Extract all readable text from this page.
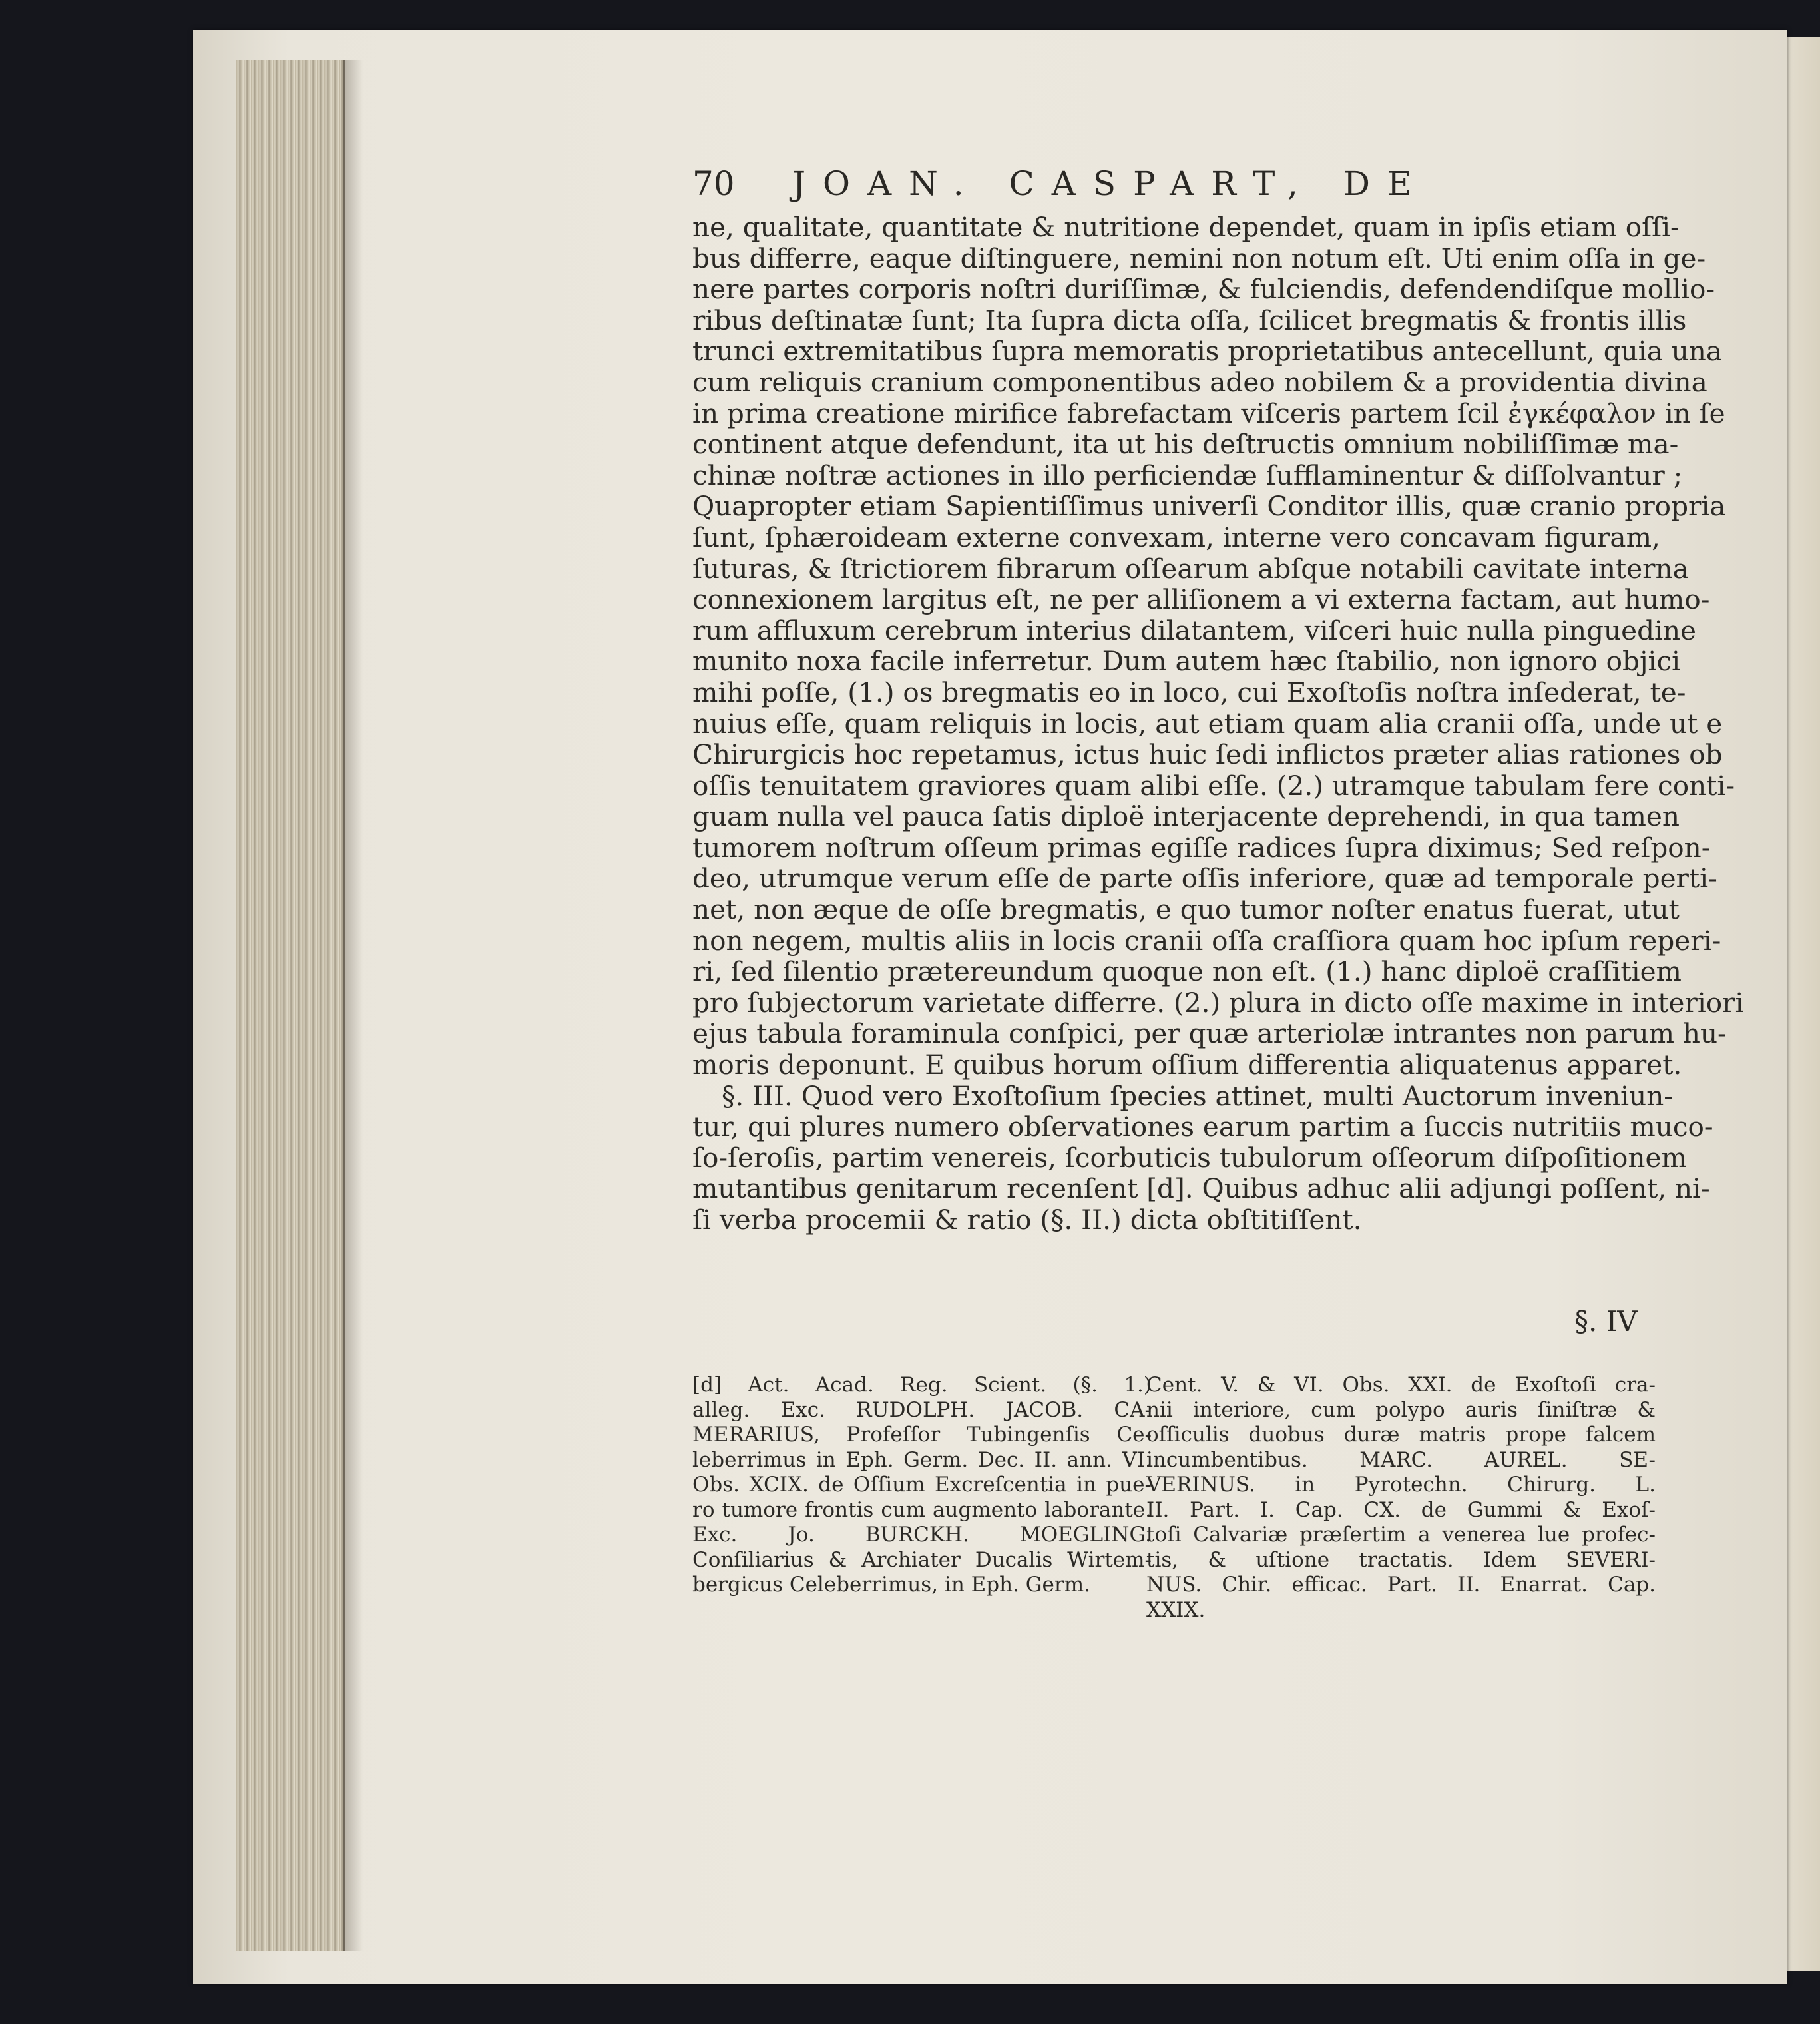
70	JOAN. CASPART, DE
ne, qualitate, quantitate & nutritione dependet, quam in ipſis etiam oſſi-
bus differre, eaque diſtinguere, nemini non notum eſt. Uti enim oſſa in ge-
nere partes corporis noſtri duriſſimæ, & fulciendis, defendendiſque mollio-
ribus deſtinatæ ſunt; Ita ſupra dicta oſſa, ſcilicet bregmatis & frontis illis
trunci extremitatibus ſupra memoratis proprietatibus antecellunt, quia una
cum reliquis cranium componentibus adeo nobilem & a providentia divina
in prima creatione mirifice fabrefactam viſceris partem ſcil ἐγκέφαλον in ſe
continent atque defendunt, ita ut his deſtructis omnium nobiliſſimæ ma-
chinæ noſtræ actiones in illo perficiendæ ſufflaminentur & diſſolvantur ;
Quapropter etiam Sapientiſſimus univerſi Conditor illis, quæ cranio propria
ſunt, ſphæroideam externe convexam, interne vero concavam figuram,
ſuturas, & ſtrictiorem fibrarum oſſearum abſque notabili cavitate interna
connexionem largitus eſt, ne per alliſionem a vi externa factam, aut humo-
rum affluxum cerebrum interius dilatantem, viſceri huic nulla pinguedine
munito noxa facile inferretur. Dum autem hæc ſtabilio, non ignoro objici
mihi poſſe, (1.) os bregmatis eo in loco, cui Exoſtoſis noſtra inſederat, te-
nuius eſſe, quam reliquis in locis, aut etiam quam alia cranii oſſa, unde ut e
Chirurgicis hoc repetamus, ictus huic ſedi inflictos præter alias rationes ob
oſſis tenuitatem graviores quam alibi eſſe. (2.) utramque tabulam fere conti-
guam nulla vel pauca ſatis diploë interjacente deprehendi, in qua tamen
tumorem noſtrum oſſeum primas egiſſe radices ſupra diximus; Sed reſpon-
deo, utrumque verum eſſe de parte oſſis inferiore, quæ ad temporale perti-
net, non æque de oſſe bregmatis, e quo tumor noſter enatus fuerat, utut
non negem, multis aliis in locis cranii oſſa craſſiora quam hoc ipſum reperi-
ri, ſed ſilentio prætereundum quoque non eſt. (1.) hanc diploë craſſitiem
pro ſubjectorum varietate differre. (2.) plura in dicto oſſe maxime in interiori
ejus tabula foraminula conſpici, per quæ arteriolæ intrantes non parum hu-
moris deponunt. E quibus horum oſſium differentia aliquatenus apparet.
§. III. Quod vero Exoſtoſium ſpecies attinet, multi Auctorum inveniun-
tur, qui plures numero obſervationes earum partim a ſuccis nutritiis muco-
ſo-ſeroſis, partim venereis, ſcorbuticis tubulorum oſſeorum diſpoſitionem
mutantibus genitarum recenſent [d]. Quibus adhuc alii adjungi poſſent, ni-
ſi verba procemii & ratio (§. II.) dicta obſtitiſſent.
§. IV
[d] Act. Acad. Reg. Scient. (§. 1.)
alleg. Exc. RUDOLPH. JACOB. CA-
MERARIUS, Profeſſor Tubingenſis Ce-
leberrimus in Eph. Germ. Dec. II. ann. VI.
Obs. XCIX. de Oſſium Excreſcentia in pue-
ro tumore frontis cum augmento laborante.
Exc. Jo. BURCKH. MOEGLING.
Conſiliarius & Archiater Ducalis Wirtem-
bergicus Celeberrimus, in Eph. Germ.
Cent. V. & VI. Obs. XXI. de Exoſtoſi cra-
nii interiore, cum polypo auris ſiniſtræ &
oſſiculis duobus duræ matris prope falcem
incumbentibus. MARC. AUREL. SE-
VERINUS. in Pyrotechn. Chirurg. L.
II. Part. I. Cap. CX. de Gummi & Exoſ-
toſi Calvariæ præſertim a venerea lue profec-
tis, & uſtione tractatis. Idem SEVERI-
NUS. Chir. efficac. Part. II. Enarrat. Cap.
XXIX.
